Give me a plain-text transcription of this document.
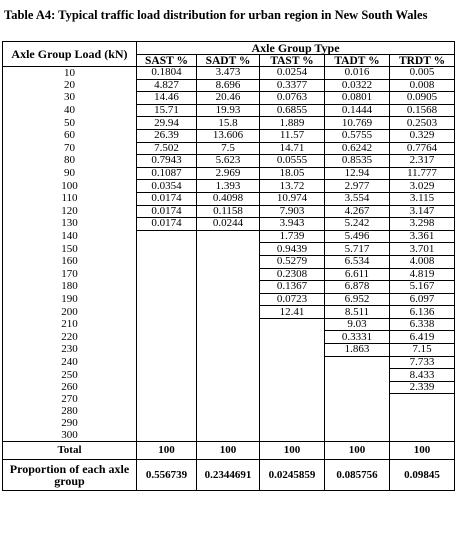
Table A4: Typical traffic load distribution for urban region in New South Wales
Axle Group Load (kN)	Axle Group Type				
	SAST %	SADT %	TAST %	TADT %	TRDT %
10	0.1804	3.473	0.0254	0.016	0.005
20	4.827	8.696	0.3377	0.0322	0.008
30	14.46	20.46	0.0763	0.0801	0.0905
40	15.71	19.93	0.6855	0.1444	0.1568
50	29.94	15.8	1.889	10.769	0.2503
60	26.39	13.606	11.57	0.5755	0.329
70	7.502	7.5	14.71	0.6242	0.7764
80	0.7943	5.623	0.0555	0.8535	2.317
90	0.1087	2.969	18.05	12.94	11.777
100	0.0354	1.393	13.72	2.977	3.029
110	0.0174	0.4098	10.974	3.554	3.115
120	0.0174	0.1158	7.903	4.267	3.147
130	0.0174	0.0244	3.943	5.242	3.298
140			1.739	5.496	3.361
150			0.9439	5.717	3.701
160			0.5279	6.534	4.008
170			0.2308	6.611	4.819
180			0.1367	6.878	5.167
190			0.0723	6.952	6.097
200			12.41	8.511	6.136
210				9.03	6.338
220				0.3331	6.419
230				1.863	7.15
240					7.733
250					8.433
260					2.339
270					
280					
290					
300					
Total	100	100	100	100	100
Proportion of each axle group	0.556739	0.2344691	0.0245859	0.085756	0.09845
